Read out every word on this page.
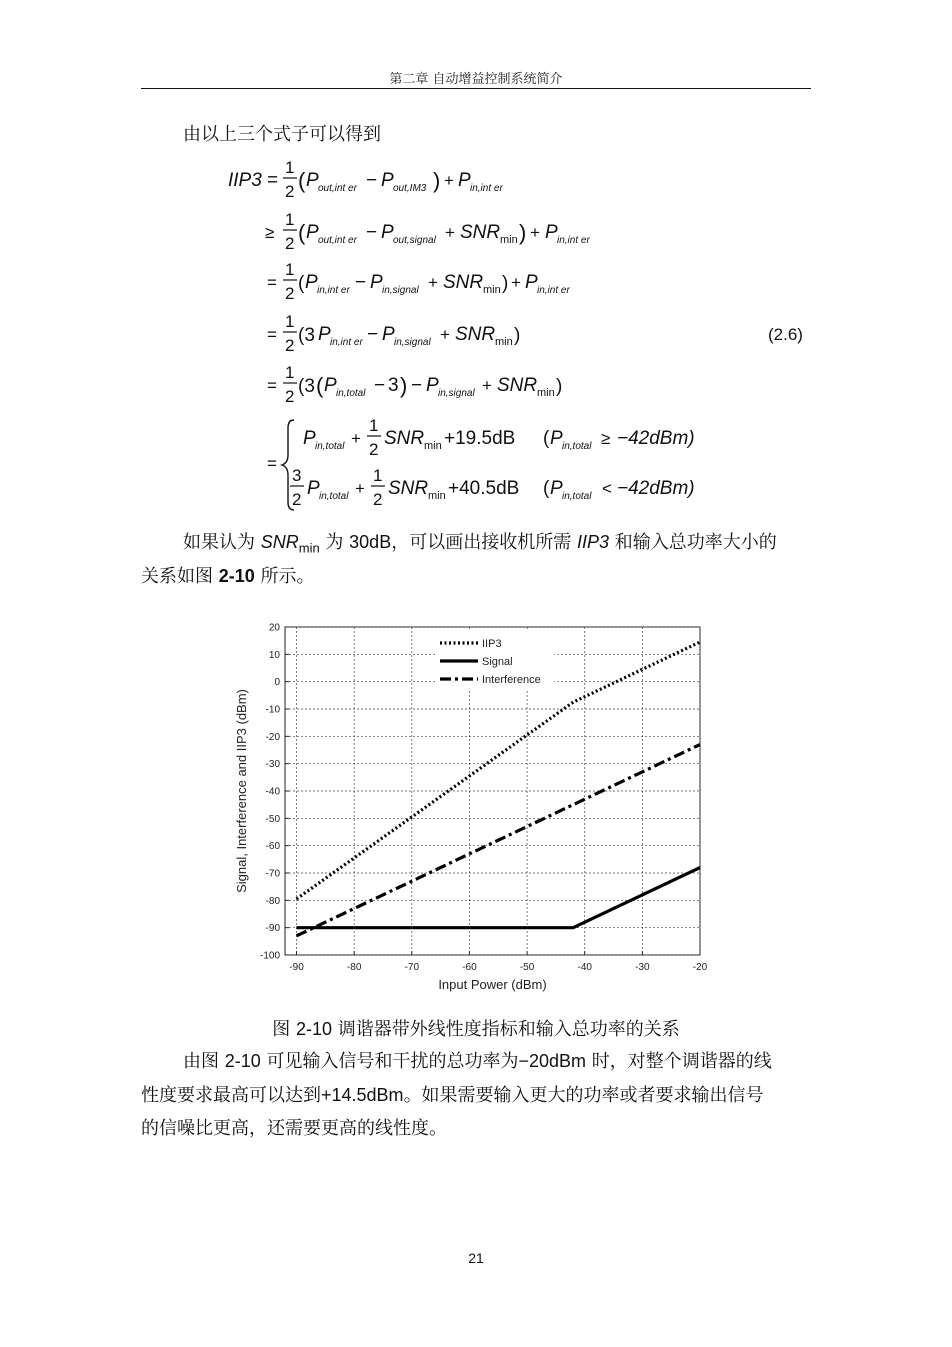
第二章 自动增益控制系统简介
由以上三个式子可以得到
IIP3 =
1
2 ( P out,int er − P out,IM3 ) + P in,int er
≥
1
2 ( P out,int er − P out,signal + SNR min ) + P in,int er
=
1
2 ( P in,int er − P in,signal + SNR min ) + P in,int er
=
1
2 (3 P in,int er − P in,signal + SNR min )	(2.6)
=
1
2 (3 ( P in,total − 3 ) − P in,signal + SNR min )
=
P in,total +
1
2
SNR min +19.5dB ( P in,total ≥ −42dBm)
3
2
P in,total +
1
2
SNR min +40.5dB ( P in,total < −42dBm)
如果认为 $SNR_{min}$ 为 30dB，可以画出接收机所需 IIP3 和输入总功率大小的
关系如图 2-10 所示。
-90	-80	-70	-60	-50	-40	-30	-20
20
10
0
-10
-20
-30
-40
-50
-60
-70
-80
-90
-100
IIP3
Signal
Interference
Input Power (dBm)
Signal, Interference and IIP3 (dBm)
图 2-10 调谐器带外线性度指标和输入总功率的关系
由图 2-10 可见输入信号和干扰的总功率为−20dBm 时，对整个调谐器的线
性度要求最高可以达到+14.5dBm。如果需要输入更大的功率或者要求输出信号
的信噪比更高，还需要更高的线性度。
21
